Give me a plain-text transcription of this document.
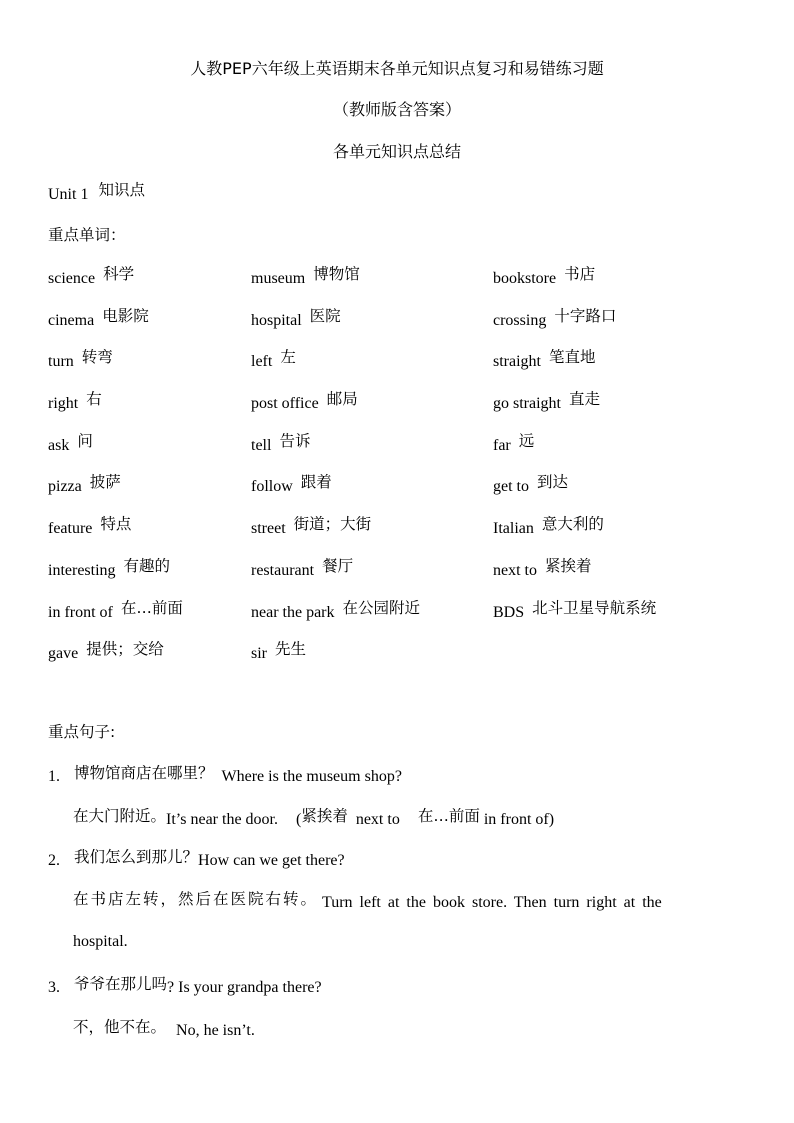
人教PEP六年级上英语期末各单元知识点复习和易错练习题
（教师版含答案）
各单元知识点总结
Unit 1 知识点
重点单词：
science 科学	museum 博物馆	bookstore 书店
cinema 电影院	hospital 医院	crossing 十字路口
turn 转弯	left 左	straight 笔直地
right 右	post office 邮局	go straight 直走
ask 问	tell 告诉	far 远
pizza 披萨	follow 跟着	get to 到达
feature 特点	street 街道；大街	Italian 意大利的
interesting 有趣的	restaurant 餐厅	next to 紧挨着
in front of 在…前面	near the park 在公园附近	BDS 北斗卫星导航系统
gave 提供；交给	sir 先生
重点句子:
1. 博物馆商店在哪里？ Where is the museum shop?
在大门附近。It’s near the door. (紧挨着 next to 在…前面 in front of)
2. 我们怎么到那儿？How can we get there?
在书店左转，然后在医院右转。 Turn left at the book store. Then turn right at the
hospital.
3. 爷爷在那儿吗? Is your grandpa there?
不，他不在。 No, he isn’t.
